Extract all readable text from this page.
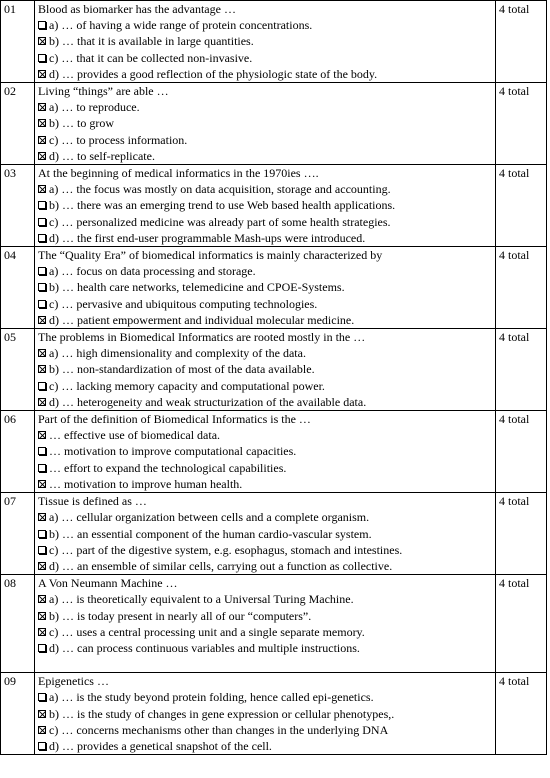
01	Blood as biomarker has the advantage …
a) … of having a wide range of protein concentrations.
b) … that it is available in large quantities.
c) … that it can be collected non-invasive.
d) … provides a good reflection of the physiologic state of the body.	4 total
02	Living “things” are able …
a) … to reproduce.
b) … to grow
c) … to process information.
d) … to self-replicate.	4 total
03	At the beginning of medical informatics in the 1970ies ….
a) … the focus was mostly on data acquisition, storage and accounting.
b) … there was an emerging trend to use Web based health applications.
c) … personalized medicine was already part of some health strategies.
d) … the first end-user programmable Mash-ups were introduced.	4 total
04	The “Quality Era” of biomedical informatics is mainly characterized by
a) … focus on data processing and storage.
b) … health care networks, telemedicine and CPOE-Systems.
c) … pervasive and ubiquitous computing technologies.
d) … patient empowerment and individual molecular medicine.	4 total
05	The problems in Biomedical Informatics are rooted mostly in the …
a) … high dimensionality and complexity of the data.
b) … non-standardization of most of the data available.
c) … lacking memory capacity and computational power.
d) … heterogeneity and weak structurization of the available data.	4 total
06	Part of the definition of Biomedical Informatics is the …
… effective use of biomedical data.
… motivation to improve computational capacities.
… effort to expand the technological capabilities.
… motivation to improve human health.	4 total
07	Tissue is defined as …
a) … cellular organization between cells and a complete organism.
b) … an essential component of the human cardio-vascular system.
c) … part of the digestive system, e.g. esophagus, stomach and intestines.
d) … an ensemble of similar cells, carrying out a function as collective.	4 total
08	A Von Neumann Machine …
a) … is theoretically equivalent to a Universal Turing Machine.
b) … is today present in nearly all of our “computers”.
c) … uses a central processing unit and a single separate memory.
d) … can process continuous variables and multiple instructions.	4 total
09	Epigenetics …
a) … is the study beyond protein folding, hence called epi-genetics.
b) … is the study of changes in gene expression or cellular phenotypes,.
c) … concerns mechanisms other than changes in the underlying DNA
d) … provides a genetical snapshot of the cell.	4 total
